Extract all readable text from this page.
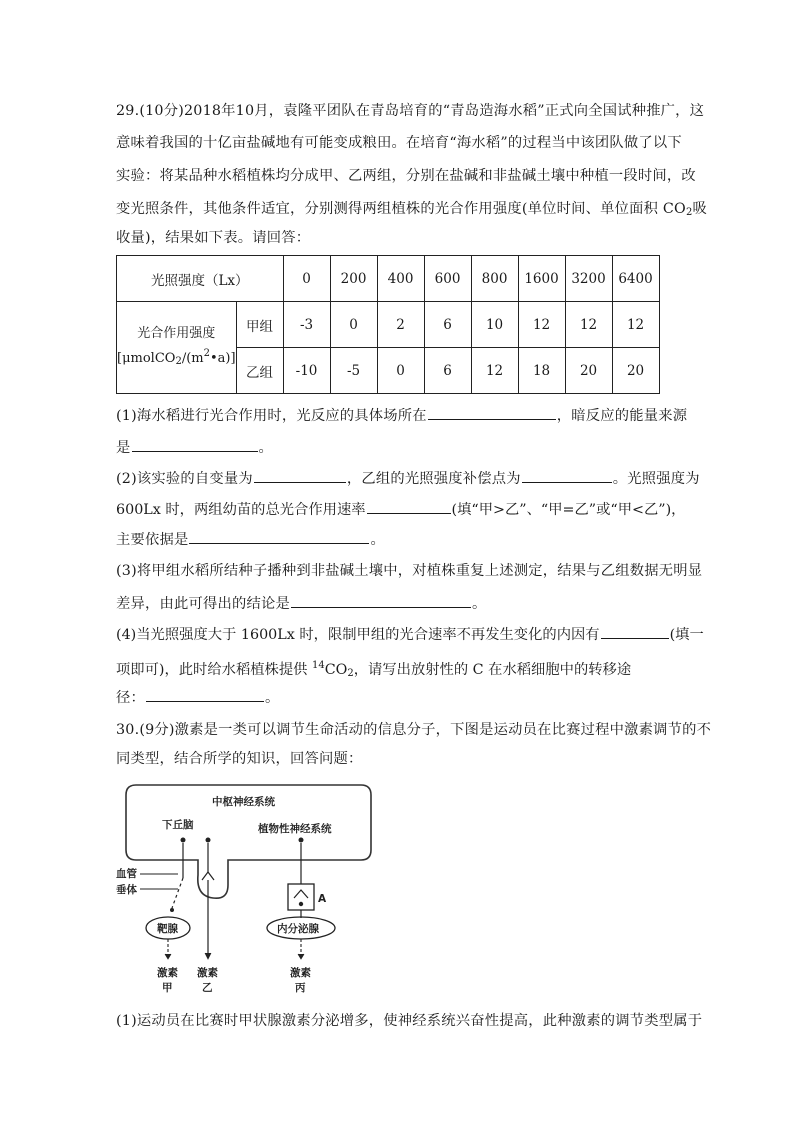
29.(10分)2018年10月，袁隆平团队在青岛培育的“青岛造海水稻”正式向全国试种推广，这
意味着我国的十亿亩盐碱地有可能变成粮田。在培育“海水稻”的过程当中该团队做了以下
实验：将某品种水稻植株均分成甲、乙两组，分别在盐碱和非盐碱土壤中种植一段时间，改
变光照条件，其他条件适宜，分别测得两组植株的光合作用强度(单位时间、单位面积 $CO_2$吸
收量)，结果如下表。请回答：
光照强度（Lx）		0	200	400	600	800	1600	3200	6400

光合作用强度
$[\mu molCO_2/(m^2•a)]$	甲组	-3	0	2	6	10	12	12	12
	乙组	-10	-5	0	6	12	18	20	20
(1)海水稻进行光合作用时，光反应的具体场所在	，暗反应的能量来源
是	。
(2)该实验的自变量为	，乙组的光照强度补偿点为	。光照强度为
600Lx 时，两组幼苗的总光合作用速率	(填“甲>乙”、“甲=乙”或“甲<乙”)，
主要依据是	。
(3)将甲组水稻所结种子播种到非盐碱土壤中，对植株重复上述测定，结果与乙组数据无明显
差异，由此可得出的结论是	。
(4)当光照强度大于 1600Lx 时，限制甲组的光合速率不再发生变化的内因有	(填一
项即可)，此时给水稻植株提供 $^{14}CO_2$，请写出放射性的 C 在水稻细胞中的转移途
径：	。
30.(9分)激素是一类可以调节生命活动的信息分子，下图是运动员在比赛过程中激素调节的不
同类型，结合所学的知识，回答问题：
中枢神经系统
下丘脑	植物性神经系统
血管
垂体
靶腺
A
内分泌腺
激素
甲
激素
乙
激素
丙
(1)运动员在比赛时甲状腺激素分泌增多，使神经系统兴奋性提高，此种激素的调节类型属于
